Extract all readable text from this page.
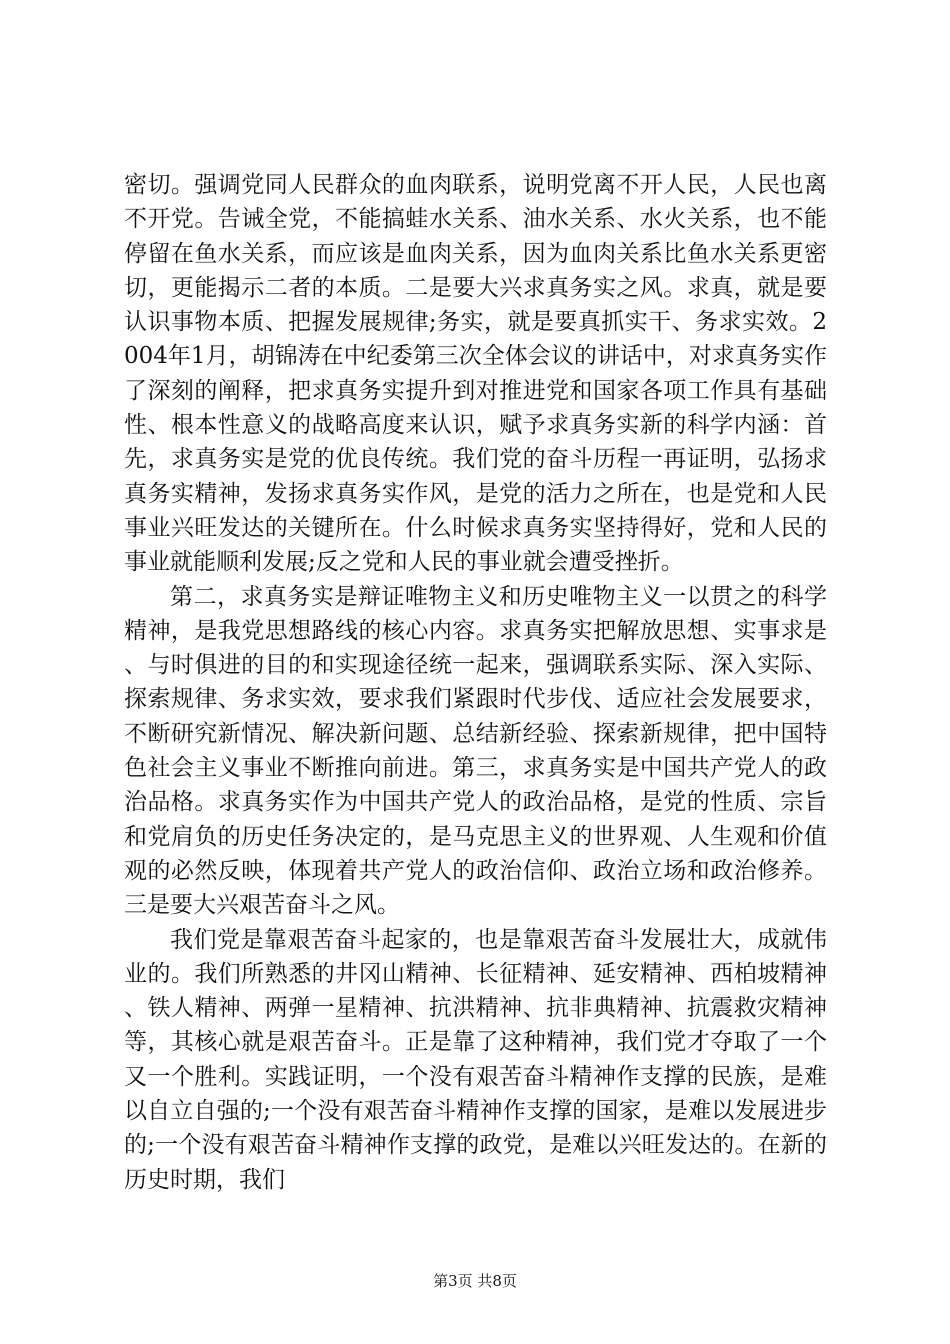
密切。强调党同人民群众的血肉联系，说明党离不开人民，人民也离不开党。告诫全党，不能搞蛙水关系、油水关系、水火关系，也不能停留在鱼水关系，而应该是血肉关系，因为血肉关系比鱼水关系更密切，更能揭示二者的本质。二是要大兴求真务实之风。求真，就是要认识事物本质、把握发展规律;务实，就是要真抓实干、务求实效。2004年1月，胡锦涛在中纪委第三次全体会议的讲话中，对求真务实作了深刻的阐释，把求真务实提升到对推进党和国家各项工作具有基础性、根本性意义的战略高度来认识，赋予求真务实新的科学内涵：首先，求真务实是党的优良传统。我们党的奋斗历程一再证明，弘扬求真务实精神，发扬求真务实作风，是党的活力之所在，也是党和人民事业兴旺发达的关键所在。什么时候求真务实坚持得好，党和人民的事业就能顺利发展;反之党和人民的事业就会遭受挫折。

第二，求真务实是辩证唯物主义和历史唯物主义一以贯之的科学精神，是我党思想路线的核心内容。求真务实把解放思想、实事求是、与时俱进的目的和实现途径统一起来，强调联系实际、深入实际、探索规律、务求实效，要求我们紧跟时代步伐、适应社会发展要求，不断研究新情况、解决新问题、总结新经验、探索新规律，把中国特色社会主义事业不断推向前进。第三，求真务实是中国共产党人的政治品格。求真务实作为中国共产党人的政治品格，是党的性质、宗旨和党肩负的历史任务决定的，是马克思主义的世界观、人生观和价值观的必然反映，体现着共产党人的政治信仰、政治立场和政治修养。三是要大兴艰苦奋斗之风。

我们党是靠艰苦奋斗起家的，也是靠艰苦奋斗发展壮大，成就伟业的。我们所熟悉的井冈山精神、长征精神、延安精神、西柏坡精神、铁人精神、两弹一星精神、抗洪精神、抗非典精神、抗震救灾精神等，其核心就是艰苦奋斗。正是靠了这种精神，我们党才夺取了一个又一个胜利。实践证明，一个没有艰苦奋斗精神作支撑的民族，是难以自立自强的;一个没有艰苦奋斗精神作支撑的国家，是难以发展进步的;一个没有艰苦奋斗精神作支撑的政党，是难以兴旺发达的。在新的历史时期，我们

第3页 共8页
